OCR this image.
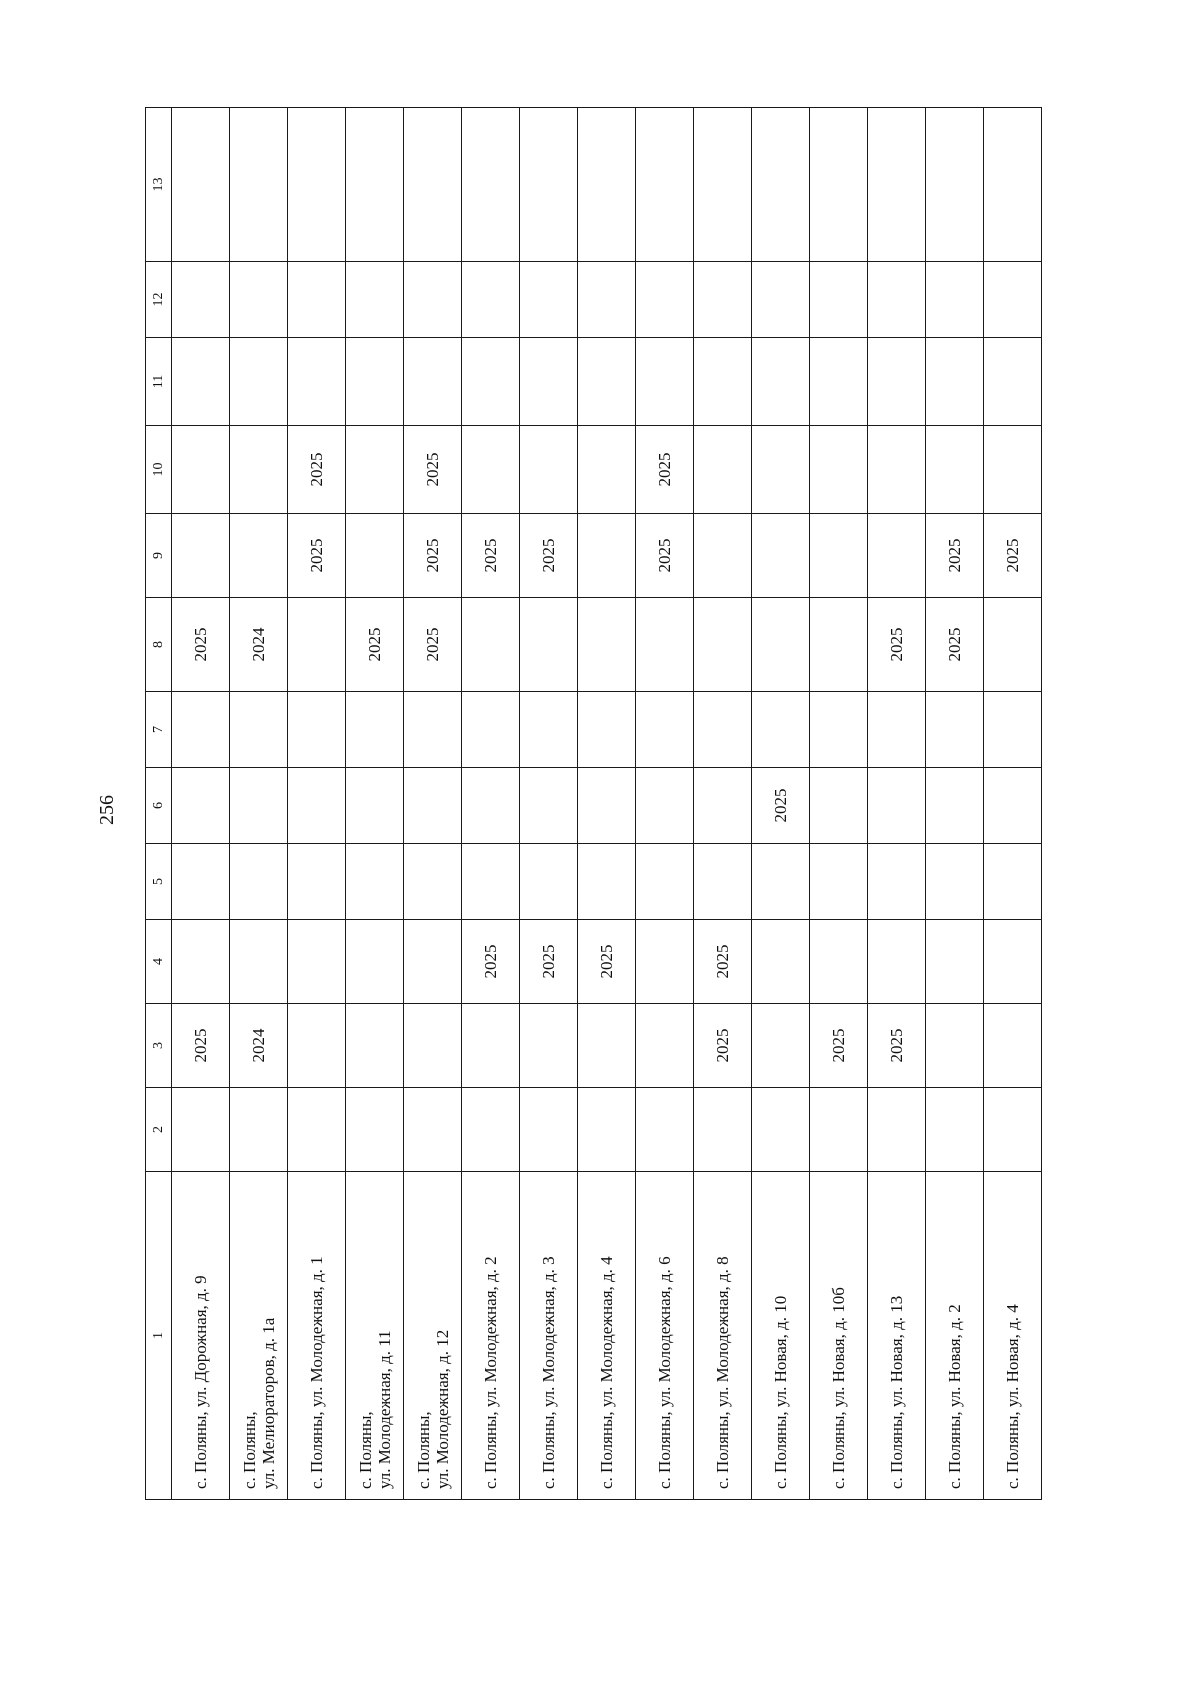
256
1	2	3	4	5	6	7	8	9	10	11	12	13
с. Поляны, ул. Дорожная, д. 9		2025					2025					
с. Поляны,
ул. Мелиораторов, д. 1а		2024					2024					
с. Поляны, ул. Молодежная, д. 1								2025	2025			
с. Поляны,
ул. Молодежная, д. 11							2025					
с. Поляны,
ул. Молодежная, д. 12							2025	2025	2025			
с. Поляны, ул. Молодежная, д. 2			2025					2025				
с. Поляны, ул. Молодежная, д. 3			2025					2025				
с. Поляны, ул. Молодежная, д. 4			2025									
с. Поляны, ул. Молодежная, д. 6								2025	2025			
с. Поляны, ул. Молодежная, д. 8		2025	2025									
с. Поляны, ул. Новая, д. 10					2025							
с. Поляны, ул. Новая, д. 10б		2025										
с. Поляны, ул. Новая, д. 13		2025					2025					
с. Поляны, ул. Новая, д. 2							2025	2025				
с. Поляны, ул. Новая, д. 4								2025				
